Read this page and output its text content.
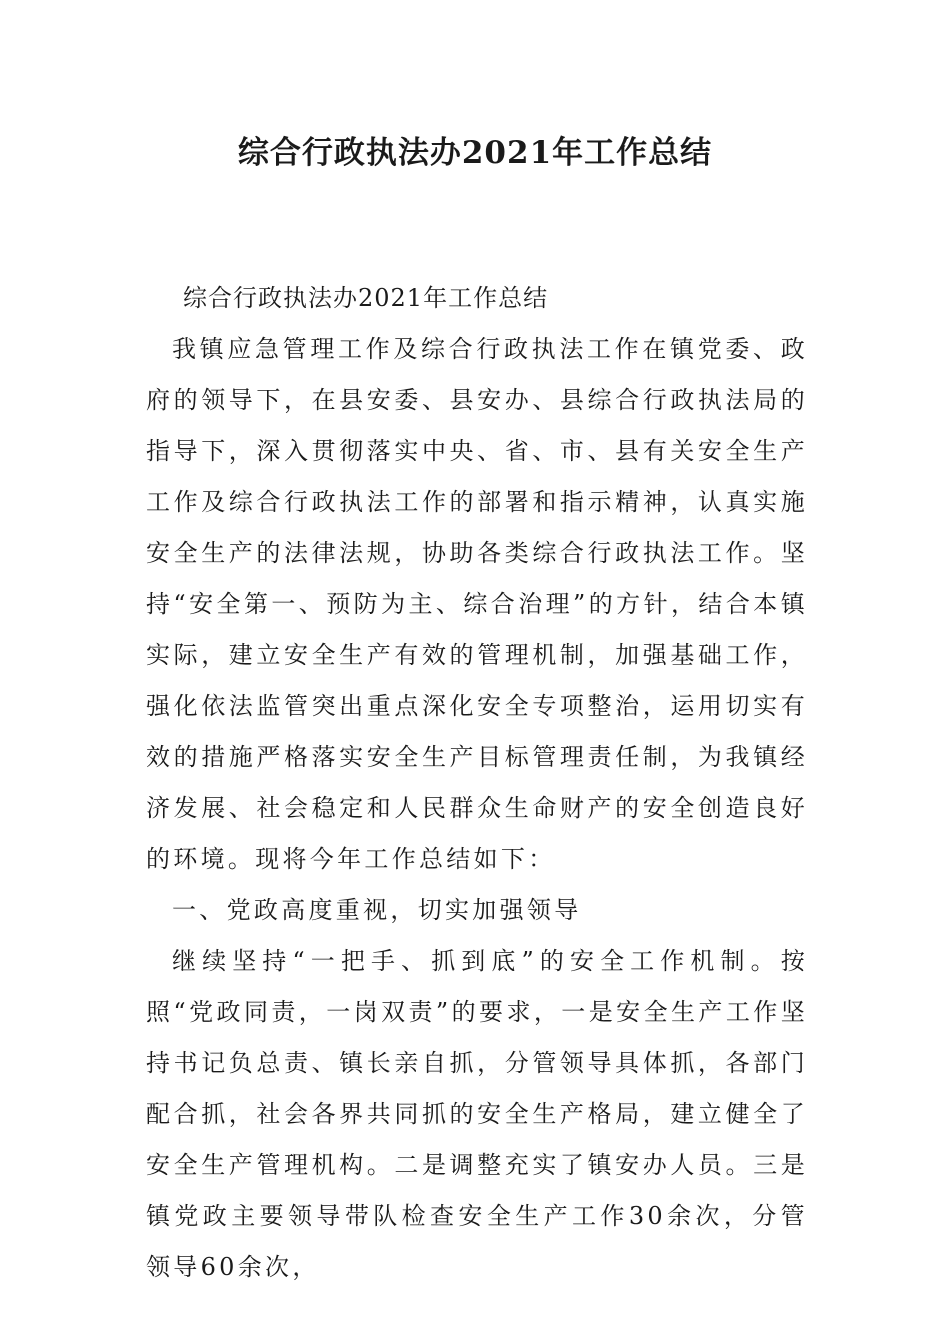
综合行政执法办2021年工作总结

综合行政执法办2021年工作总结

我镇应急管理工作及综合行政执法工作在镇党委、政府的领导下，在县安委、县安办、县综合行政执法局的指导下，深入贯彻落实中央、省、市、县有关安全生产工作及综合行政执法工作的部署和指示精神，认真实施安全生产的法律法规，协助各类综合行政执法工作。坚持“安全第一、预防为主、综合治理”的方针，结合本镇实际，建立安全生产有效的管理机制，加强基础工作，强化依法监管突出重点深化安全专项整治，运用切实有效的措施严格落实安全生产目标管理责任制，为我镇经济发展、社会稳定和人民群众生命财产的安全创造良好的环境。现将今年工作总结如下：

一、党政高度重视，切实加强领导

继续坚持“一把手、抓到底”的安全工作机制。按照“党政同责，一岗双责”的要求，一是安全生产工作坚持书记负总责、镇长亲自抓，分管领导具体抓，各部门配合抓，社会各界共同抓的安全生产格局，建立健全了安全生产管理机构。二是调整充实了镇安办人员。三是镇党政主要领导带队检查安全生产工作30余次，分管领导60余次，
